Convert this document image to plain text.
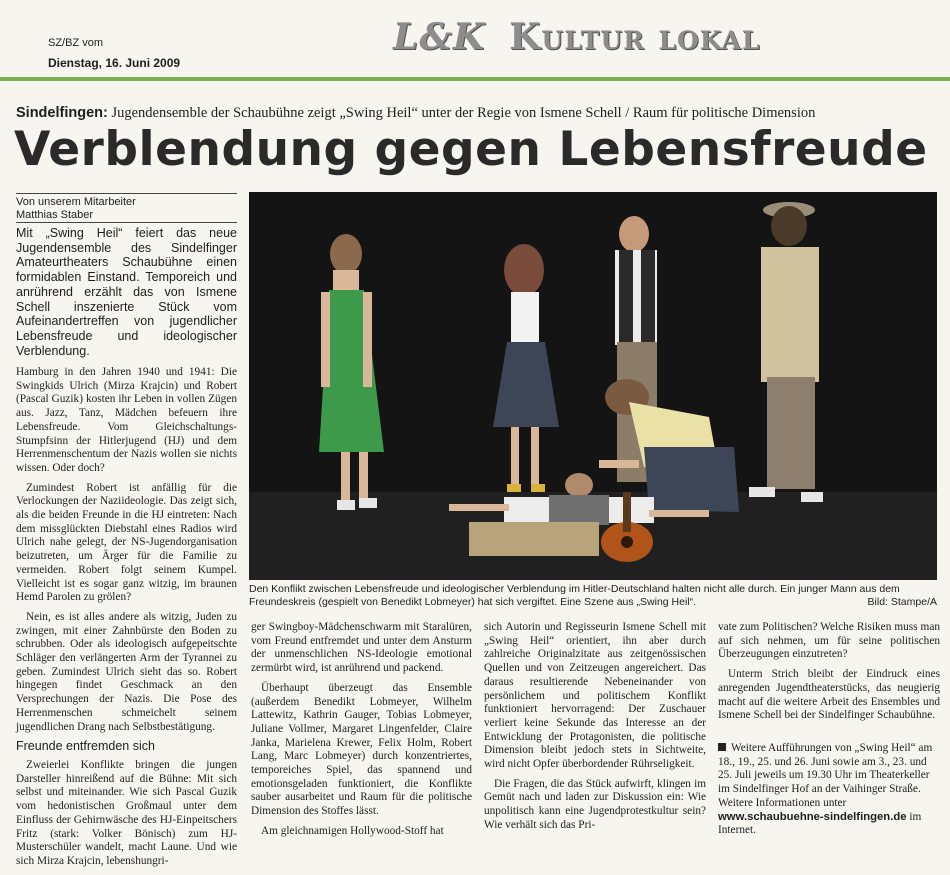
SZ/BZ vom
Dienstag, 16. Juni 2009
L&K Kultur lokal
Sindelfingen: Jugendensemble der Schaubühne zeigt „Swing Heil“ unter der Regie von Ismene Schell / Raum für politische Dimension
Verblendung gegen Lebensfreude
Von unserem Mitarbeiter
Matthias Staber
Mit „Swing Heil“ feiert das neue Jugendensemble des Sindelfinger Amateurtheaters Schaubühne einen formidablen Einstand. Temporeich und anrührend erzählt das von Ismene Schell inszenierte Stück vom Aufeinandertreffen von jugendlicher Lebensfreude und ideologischer Verblendung.

Hamburg in den Jahren 1940 und 1941: Die Swingkids Ulrich (Mirza Krajcin) und Robert (Pascal Guzik) kosten ihr Leben in vollen Zügen aus. Jazz, Tanz, Mädchen befeuern ihre Lebensfreude. Vom Gleichschaltungs-Stumpfsinn der Hitlerjugend (HJ) und dem Herrenmenschentum der Nazis wollen sie nichts wissen. Oder doch?

Zumindest Robert ist anfällig für die Verlockungen der Naziideologie. Das zeigt sich, als die beiden Freunde in die HJ eintreten: Nach dem missglückten Diebstahl eines Radios wird Ulrich nahe gelegt, der NS-Jugendorganisation beizutreten, um Ärger für die Familie zu vermeiden. Robert folgt seinem Kumpel. Vielleicht ist es sogar ganz witzig, im braunen Hemd Parolen zu grölen?

Nein, es ist alles andere als witzig, Juden zu zwingen, mit einer Zahnbürste den Boden zu schrubben. Oder als ideologisch aufgepeitschte Schläger den verlängerten Arm der Tyrannei zu geben. Zumindest Ulrich sieht das so. Robert hingegen findet Geschmack an den Versprechungen der Nazis. Die Pose des Herrenmenschen schmeichelt seinem jugendlichen Drang nach Selbstbestätigung.

Freunde entfremden sich

Zweierlei Konflikte bringen die jungen Darsteller hinreißend auf die Bühne: Mit sich selbst und miteinander. Wie sich Pascal Guzik vom hedonistischen Großmaul unter dem Einfluss der Gehirnwäsche des HJ-Einpeitschers Fritz (stark: Volker Bönisch) zum HJ-Musterschüler wandelt, macht Laune. Und wie sich Mirza Krajcin, lebenshungri-

Den Konflikt zwischen Lebensfreude und ideologischer Verblendung im Hitler-Deutschland halten nicht alle durch. Ein junger Mann aus dem Freundeskreis (gespielt von Benedikt Lobmeyer) hat sich vergiftet. Eine Szene aus „Swing Heil“.	Bild: Stampe/A

ger Swingboy-Mädchenschwarm mit Staralüren, vom Freund entfremdet und unter dem Ansturm der unmenschlichen NS-Ideologie emotional zermürbt wird, ist anrührend und packend.

Überhaupt überzeugt das Ensemble (außerdem Benedikt Lobmeyer, Wilhelm Lattewitz, Kathrin Gauger, Tobias Lobmeyer, Juliane Vollmer, Margaret Lingenfelder, Claire Janka, Marielena Krewer, Felix Holm, Robert Lang, Marc Lobmeyer) durch konzentriertes, temporeiches Spiel, das spannend und emotionsgeladen funktioniert, die Konflikte sauber ausarbeitet und Raum für die politische Dimension des Stoffes lässt.

Am gleichnamigen Hollywood-Stoff hat

sich Autorin und Regisseurin Ismene Schell mit „Swing Heil“ orientiert, ihn aber durch zahlreiche Originalzitate aus zeitgenössischen Quellen und von Zeitzeugen angereichert. Das daraus resultierende Nebeneinander von persönlichem und politischem Konflikt funktioniert hervorragend: Der Zuschauer verliert keine Sekunde das Interesse an der Entwicklung der Protagonisten, die politische Dimension bleibt jedoch stets in Sichtweite, wird nicht Opfer überbordender Rührseligkeit.

Die Fragen, die das Stück aufwirft, klingen im Gemüt nach und laden zur Diskussion ein: Wie unpolitisch kann eine Jugendprotestkultur sein? Wie verhält sich das Pri-

vate zum Politischen? Welche Risiken muss man auf sich nehmen, um für seine politischen Überzeugungen einzutreten?

Unterm Strich bleibt der Eindruck eines anregenden Jugendtheaterstücks, das neugierig macht auf die weitere Arbeit des Ensembles und Ismene Schell bei der Sindelfinger Schaubühne.

Weitere Aufführungen von „Swing Heil“ am 18., 19., 25. und 26. Juni sowie am 3., 23. und 25. Juli jeweils um 19.30 Uhr im Theaterkeller im Sindelfinger Hof an der Vaihinger Straße. Weitere Informationen unter www.schaubuehne-sindelfingen.de im Internet.
